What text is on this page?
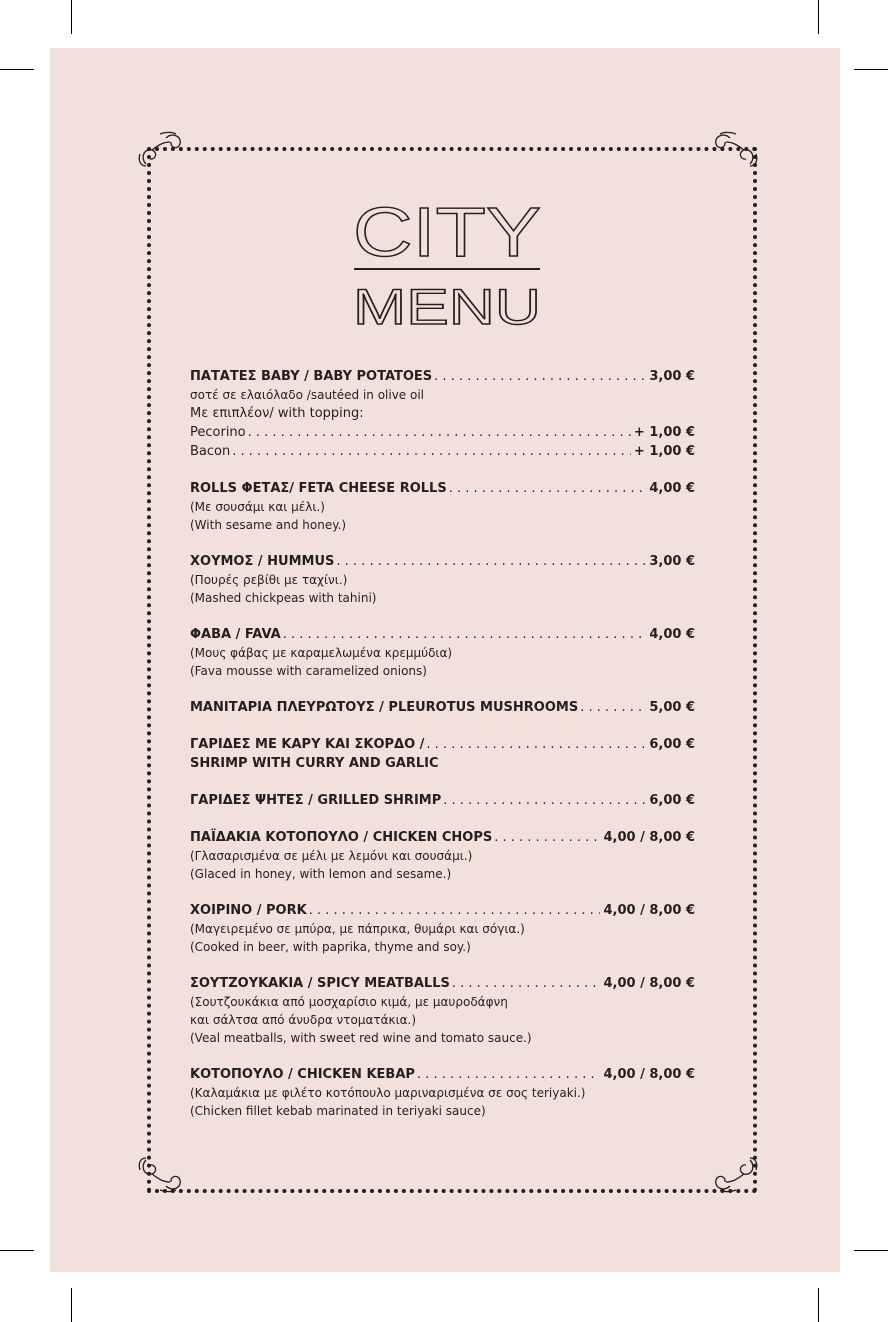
CITY
MENU
ΠΑΤΑΤΕΣ BABY / BABY POTATOES . . .	3,00 €
σοτέ σε ελαιόλαδο /sautéed in olive oil
Με επιπλέον/ with topping:
Pecorino . . .	+ 1,00 €
Bacon . . .	+ 1,00 €
ROLLS ΦΕΤΑΣ/ FETA CHEESE ROLLS . . .	4,00 €
(Με σουσάμι και μέλι.)
(With sesame and honey.)
ΧΟΥΜΟΣ / HUMMUS . . .	3,00 €
(Πουρές ρεβίθι με ταχίνι.)
(Mashed chickpeas with tahini)
ΦΑΒΑ / FAVA . . .	4,00 €
(Μους φάβας με καραμελωμένα κρεμμύδια)
(Fava mousse with caramelized onions)
ΜΑΝΙΤΑΡΙΑ ΠΛΕΥΡΩΤΟΥΣ / PLEUROTUS MUSHROOMS . . .	5,00 €
ΓΑΡΙΔΕΣ ΜΕ ΚΑΡΥ ΚΑΙ ΣΚΟΡΔΟ / . . .	6,00 €
SHRIMP WITH CURRY AND GARLIC
ΓΑΡΙΔΕΣ ΨΗΤΕΣ / GRILLED SHRIMP . . .	6,00 €
ΠΑΪΔΑΚΙΑ ΚΟΤΟΠΟΥΛΟ / CHICKEN CHOPS . . .	4,00 / 8,00 €
(Γλασαρισμένα σε μέλι με λεμόνι και σουσάμι.)
(Glaced in honey, with lemon and sesame.)
ΧΟΙΡΙΝΟ / PORK . . .	4,00 / 8,00 €
(Μαγειρεμένο σε μπύρα, με πάπρικα, θυμάρι και σόγια.)
(Cooked in beer, with paprika, thyme and soy.)
ΣΟΥΤΖΟΥΚΑΚΙΑ / SPICY MEATBALLS . . .	4,00 / 8,00 €
(Σουτζουκάκια από μοσχαρίσιο κιμά, με μαυροδάφνη
και σάλτσα από άνυδρα ντοματάκια.)
(Veal meatballs, with sweet red wine and tomato sauce.)
ΚΟΤΟΠΟΥΛΟ / CHICKEN KEBAP . . .	4,00 / 8,00 €
(Καλαμάκια με φιλέτο κοτόπουλο μαριναρισμένα σε σος teriyaki.)
(Chicken fillet kebab marinated in teriyaki sauce)
